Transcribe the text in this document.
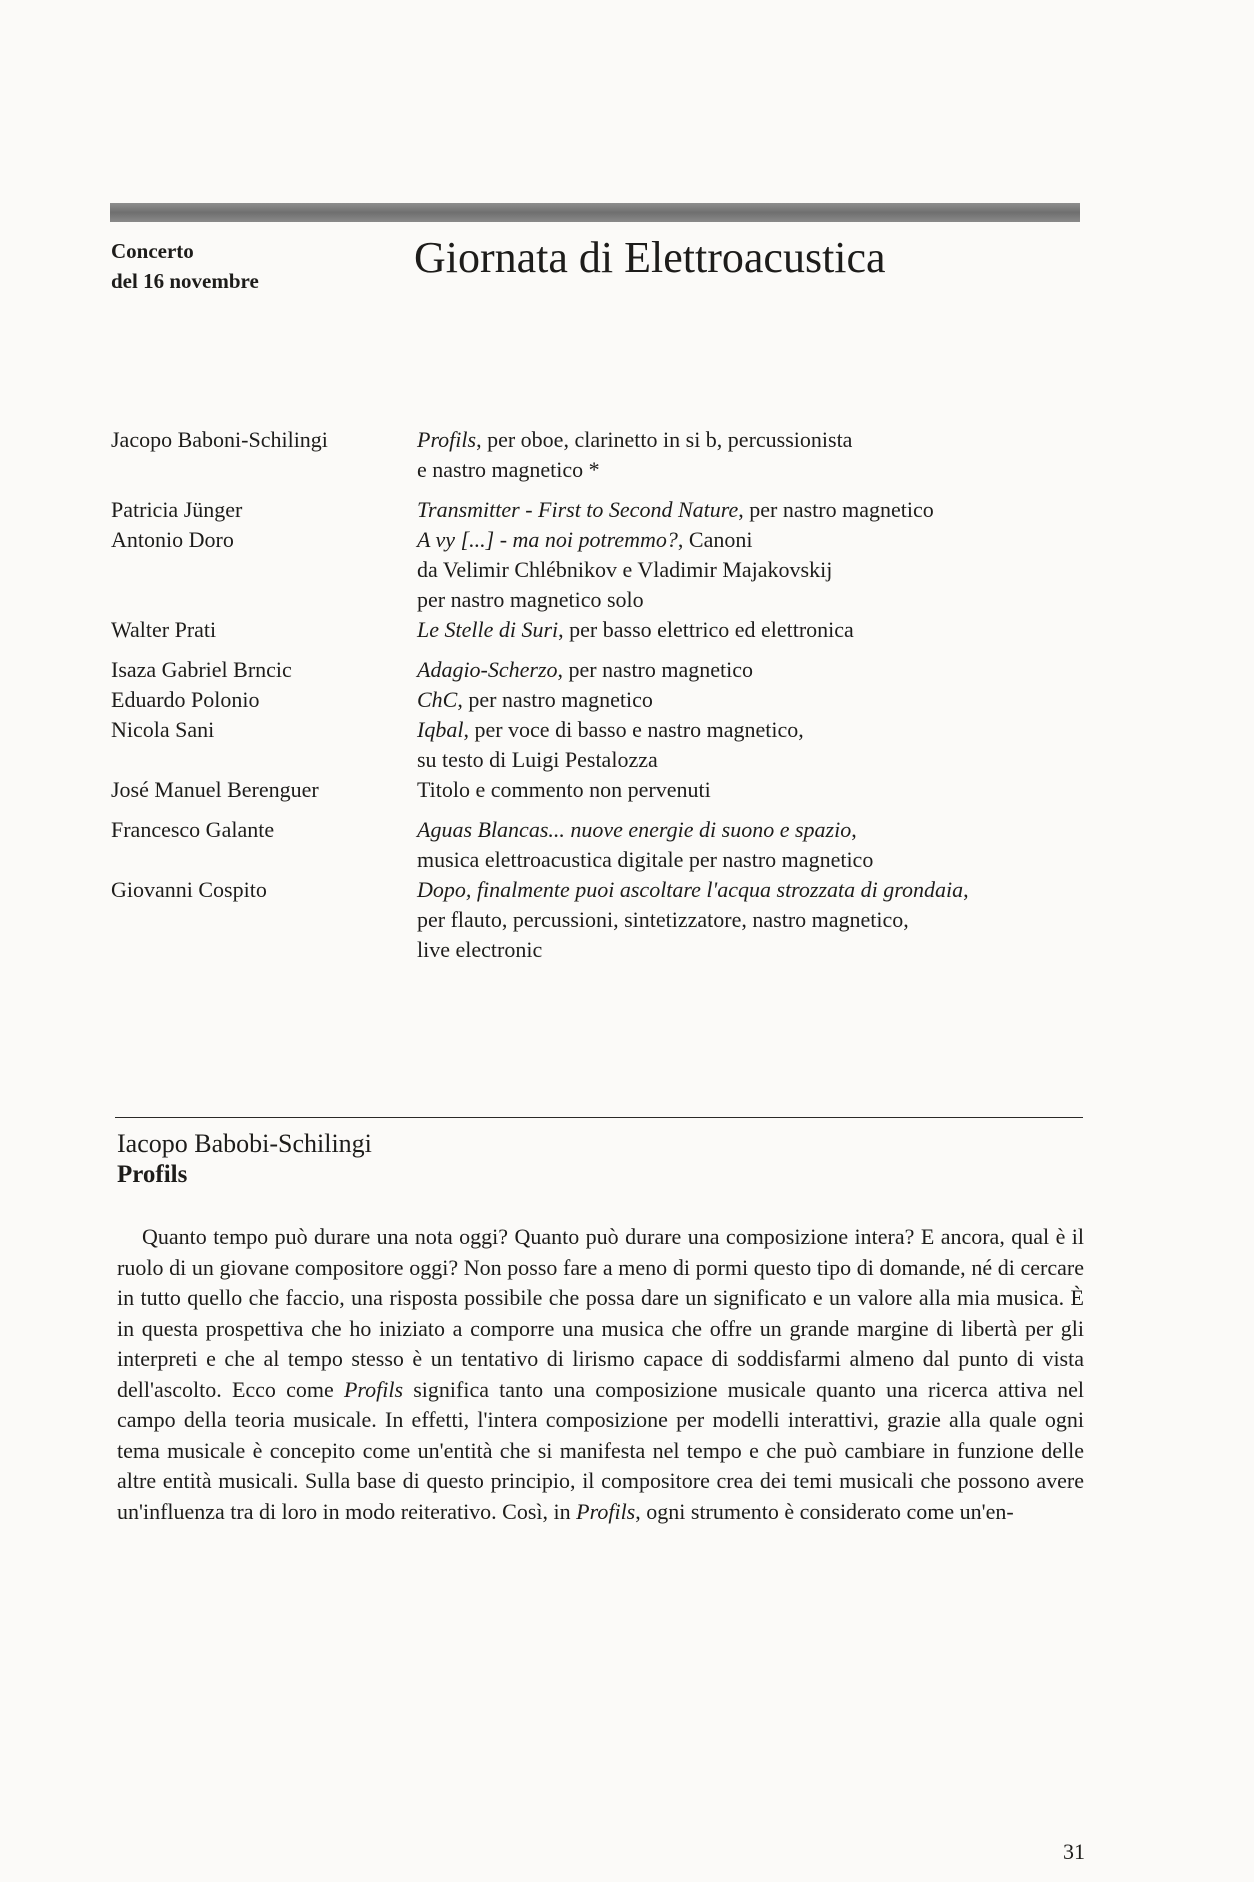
Concerto
del 16 novembre	Giornata di Elettroacustica
Jacopo Baboni-Schilingi	Profils, per oboe, clarinetto in si b, percussionista
e nastro magnetico *
Patricia Jünger	Transmitter - First to Second Nature, per nastro magnetico
Antonio Doro	A vy [...] - ma noi potremmo?, Canoni
da Velimir Chlébnikov e Vladimir Majakovskij
per nastro magnetico solo
Walter Prati	Le Stelle di Suri, per basso elettrico ed elettronica
Isaza Gabriel Brncic	Adagio-Scherzo, per nastro magnetico
Eduardo Polonio	ChC, per nastro magnetico
Nicola Sani	Iqbal, per voce di basso e nastro magnetico,
su testo di Luigi Pestalozza
José Manuel Berenguer	Titolo e commento non pervenuti
Francesco Galante	Aguas Blancas... nuove energie di suono e spazio,
musica elettroacustica digitale per nastro magnetico
Giovanni Cospito	Dopo, finalmente puoi ascoltare l'acqua strozzata di grondaia,
per flauto, percussioni, sintetizzatore, nastro magnetico,
live electronic
Iacopo Babobi-Schilingi
Profils

Quanto tempo può durare una nota oggi? Quanto può durare una composizione intera? E ancora, qual è il ruolo di un giovane compositore oggi? Non posso fare a meno di pormi questo tipo di domande, né di cercare in tutto quello che faccio, una risposta possibile che possa dare un significato e un valore alla mia musica. È in questa prospettiva che ho iniziato a comporre una musica che offre un grande margine di libertà per gli interpreti e che al tempo stesso è un tentativo di lirismo capace di soddisfarmi almeno dal punto di vista dell'ascolto. Ecco come Profils significa tanto una composizione musicale quanto una ricerca attiva nel campo della teoria musicale. In effetti, l'intera composizione per modelli interattivi, grazie alla quale ogni tema musicale è concepito come un'entità che si manifesta nel tempo e che può cambiare in funzione delle altre entità musicali. Sulla base di questo principio, il compositore crea dei temi musicali che possono avere un'influenza tra di loro in modo reiterativo. Così, in Profils, ogni strumento è considerato come un'en-

31
